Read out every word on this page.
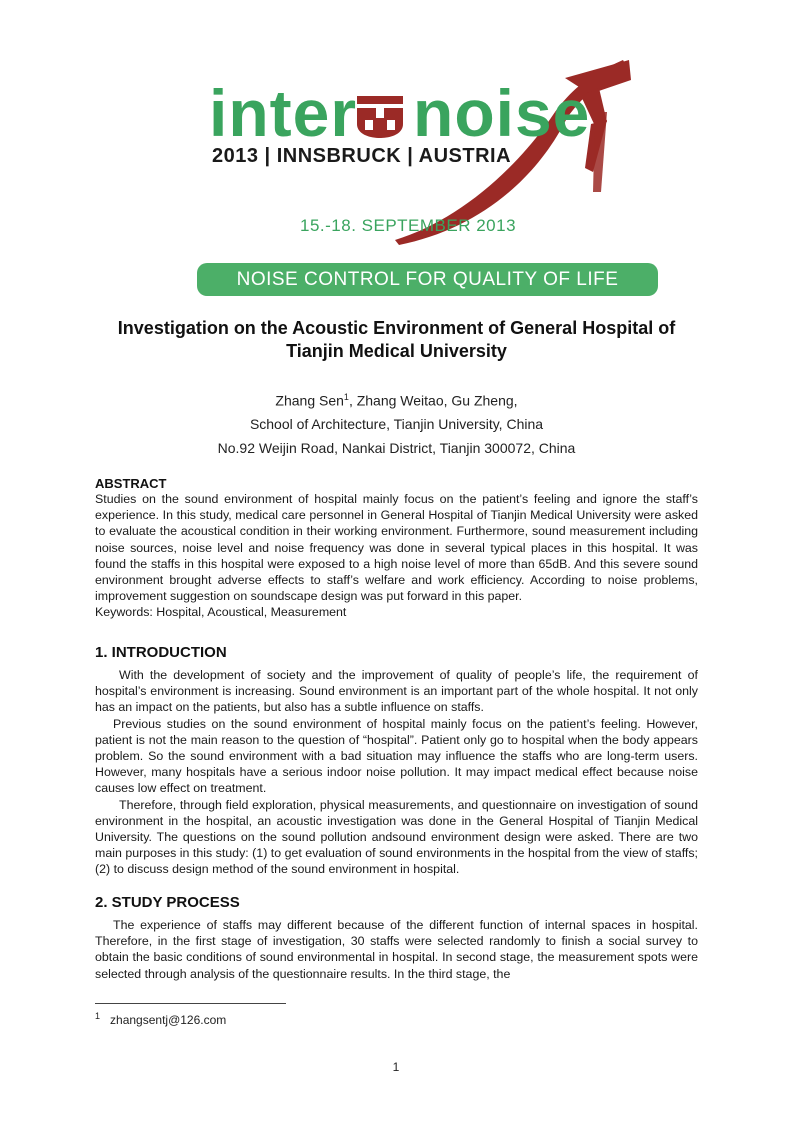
inter noise
2013 | INNSBRUCK | AUSTRIA
15.-18. SEPTEMBER 2013
NOISE CONTROL FOR QUALITY OF LIFE
Investigation on the Acoustic Environment of General Hospital of Tianjin Medical University
Zhang Sen$^1$, Zhang Weitao, Gu Zheng,
School of Architecture, Tianjin University, China
No.92 Weijin Road, Nankai District, Tianjin 300072, China
ABSTRACT

Studies on the sound environment of hospital mainly focus on the patient’s feeling and ignore the staff’s experience. In this study, medical care personnel in General Hospital of Tianjin Medical University were asked to evaluate the acoustical condition in their working environment. Furthermore, sound measurement including noise sources, noise level and noise frequency was done in several typical places in this hospital. It was found the staffs in this hospital were exposed to a high noise level of more than 65dB. And this severe sound environment brought adverse effects to staff’s welfare and work efficiency. According to noise problems, improvement suggestion on soundscape design was put forward in this paper.

Keywords: Hospital, Acoustical, Measurement

1. INTRODUCTION

With the development of society and the improvement of quality of people’s life, the requirement of hospital’s environment is increasing. Sound environment is an important part of the whole hospital. It not only has an impact on the patients, but also has a subtle influence on staffs.

Previous studies on the sound environment of hospital mainly focus on the patient’s feeling. However, patient is not the main reason to the question of “hospital”. Patient only go to hospital when the body appears problem. So the sound environment with a bad situation may influence the staffs who are long-term users. However, many hospitals have a serious indoor noise pollution. It may impact medical effect because noise causes low effect on treatment.

Therefore, through field exploration, physical measurements, and questionnaire on investigation of sound environment in the hospital, an acoustic investigation was done in the General Hospital of Tianjin Medical University. The questions on the sound pollution andsound environment design were asked. There are two main purposes in this study: (1) to get evaluation of sound environments in the hospital from the view of staffs; (2) to discuss design method of the sound environment in hospital.

2. STUDY PROCESS

The experience of staffs may different because of the different function of internal spaces in hospital. Therefore, in the first stage of investigation, 30 staffs were selected randomly to finish a social survey to obtain the basic conditions of sound environmental in hospital. In second stage, the measurement spots were selected through analysis of the questionnaire results. In the third stage, the

$^1$ zhangsentj@126.com
1
